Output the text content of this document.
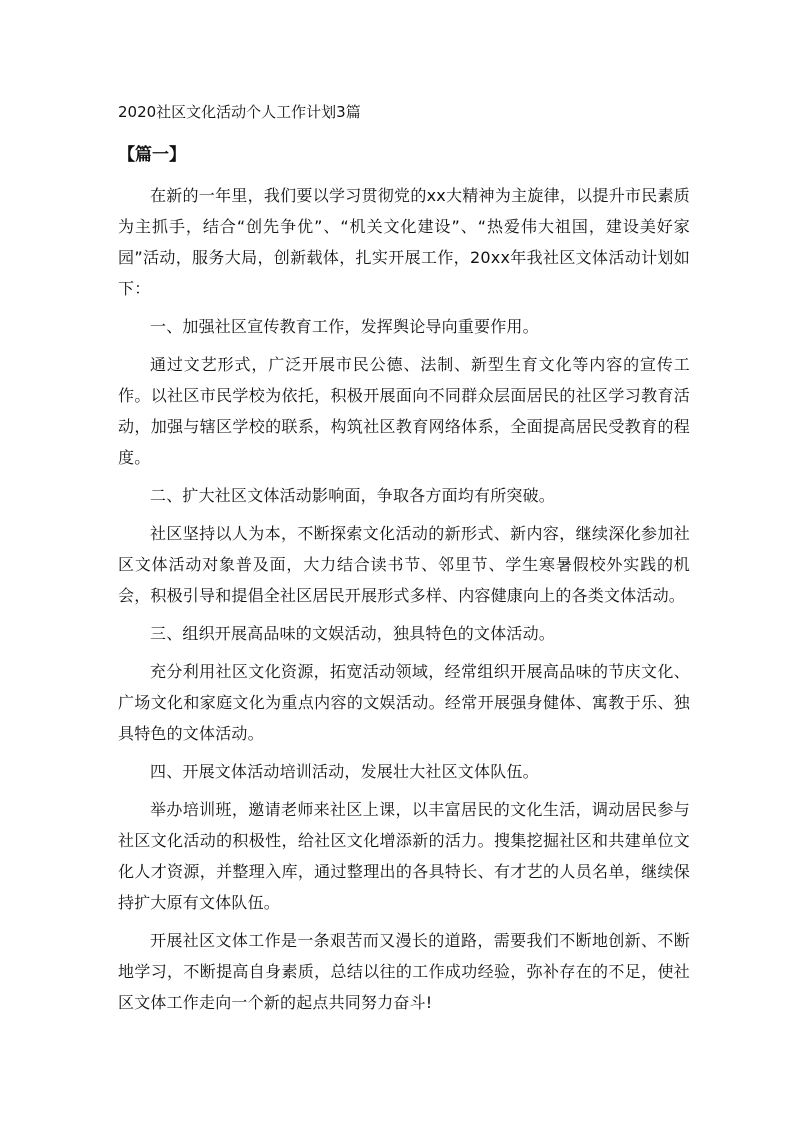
2020社区文化活动个人工作计划3篇
【篇一】

在新的一年里，我们要以学习贯彻党的xx大精神为主旋律，以提升市民素质为主抓手，结合“创先争优”、“机关文化建设”、“热爱伟大祖国，建设美好家园”活动，服务大局，创新载体，扎实开展工作，20xx年我社区文体活动计划如下：

一、加强社区宣传教育工作，发挥舆论导向重要作用。

通过文艺形式，广泛开展市民公德、法制、新型生育文化等内容的宣传工作。以社区市民学校为依托，积极开展面向不同群众层面居民的社区学习教育活动，加强与辖区学校的联系，构筑社区教育网络体系，全面提高居民受教育的程度。

二、扩大社区文体活动影响面，争取各方面均有所突破。

社区坚持以人为本，不断探索文化活动的新形式、新内容，继续深化参加社区文体活动对象普及面，大力结合读书节、邻里节、学生寒暑假校外实践的机会，积极引导和提倡全社区居民开展形式多样、内容健康向上的各类文体活动。

三、组织开展高品味的文娱活动，独具特色的文体活动。

充分利用社区文化资源，拓宽活动领域，经常组织开展高品味的节庆文化、广场文化和家庭文化为重点内容的文娱活动。经常开展强身健体、寓教于乐、独具特色的文体活动。

四、开展文体活动培训活动，发展壮大社区文体队伍。

举办培训班，邀请老师来社区上课，以丰富居民的文化生活，调动居民参与社区文化活动的积极性，给社区文化增添新的活力。搜集挖掘社区和共建单位文化人才资源，并整理入库，通过整理出的各具特长、有才艺的人员名单，继续保持扩大原有文体队伍。

开展社区文体工作是一条艰苦而又漫长的道路，需要我们不断地创新、不断地学习，不断提高自身素质，总结以往的工作成功经验，弥补存在的不足，使社区文体工作走向一个新的起点共同努力奋斗!
